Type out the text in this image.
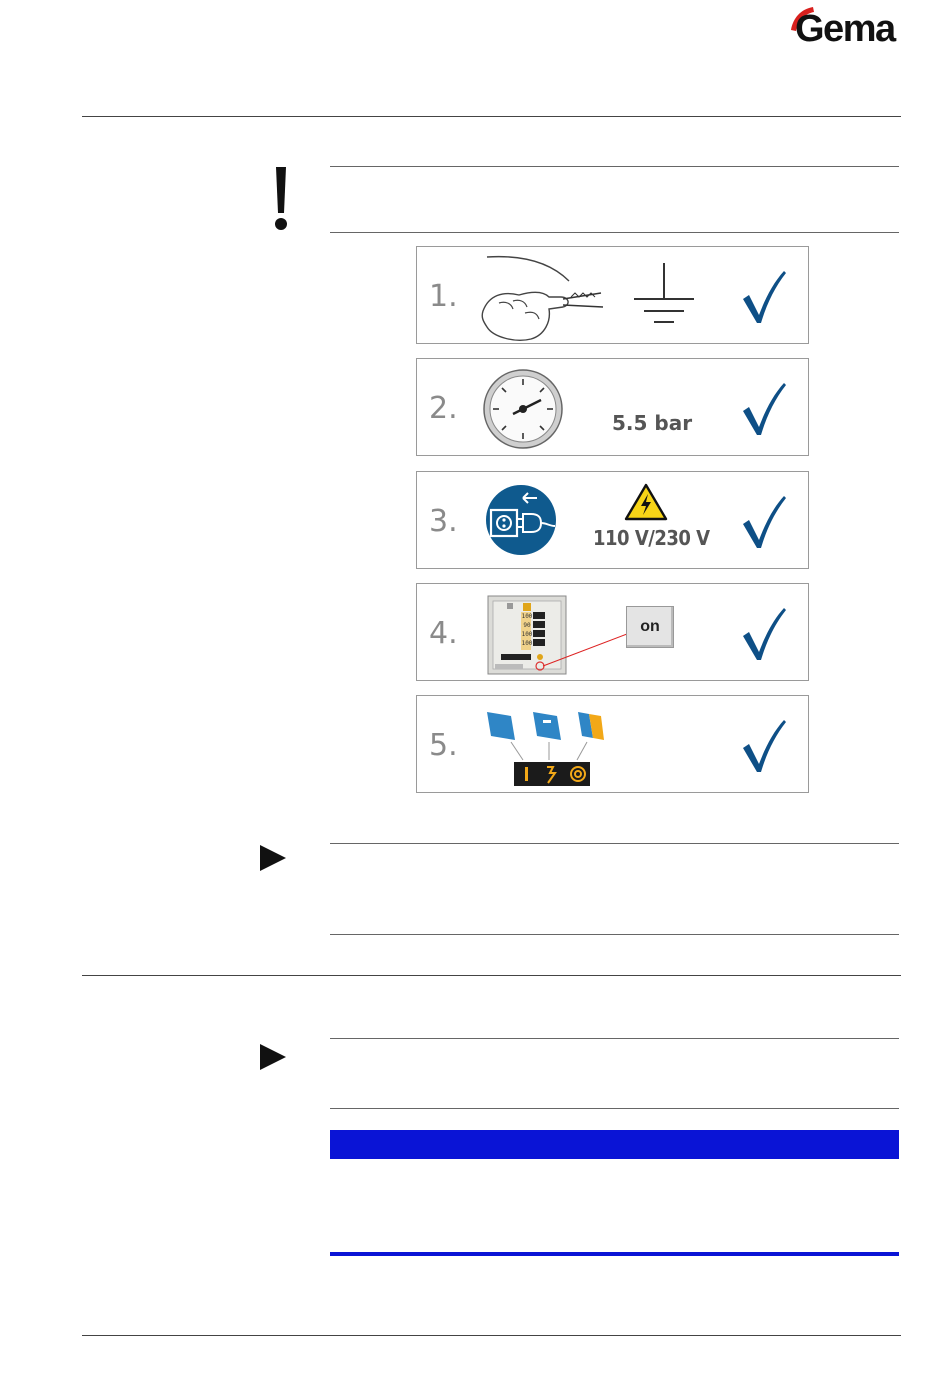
Gema
1.
2.	5.5 bar
3.	110 V/230 V
4.	100
90
100
100
on
5.
